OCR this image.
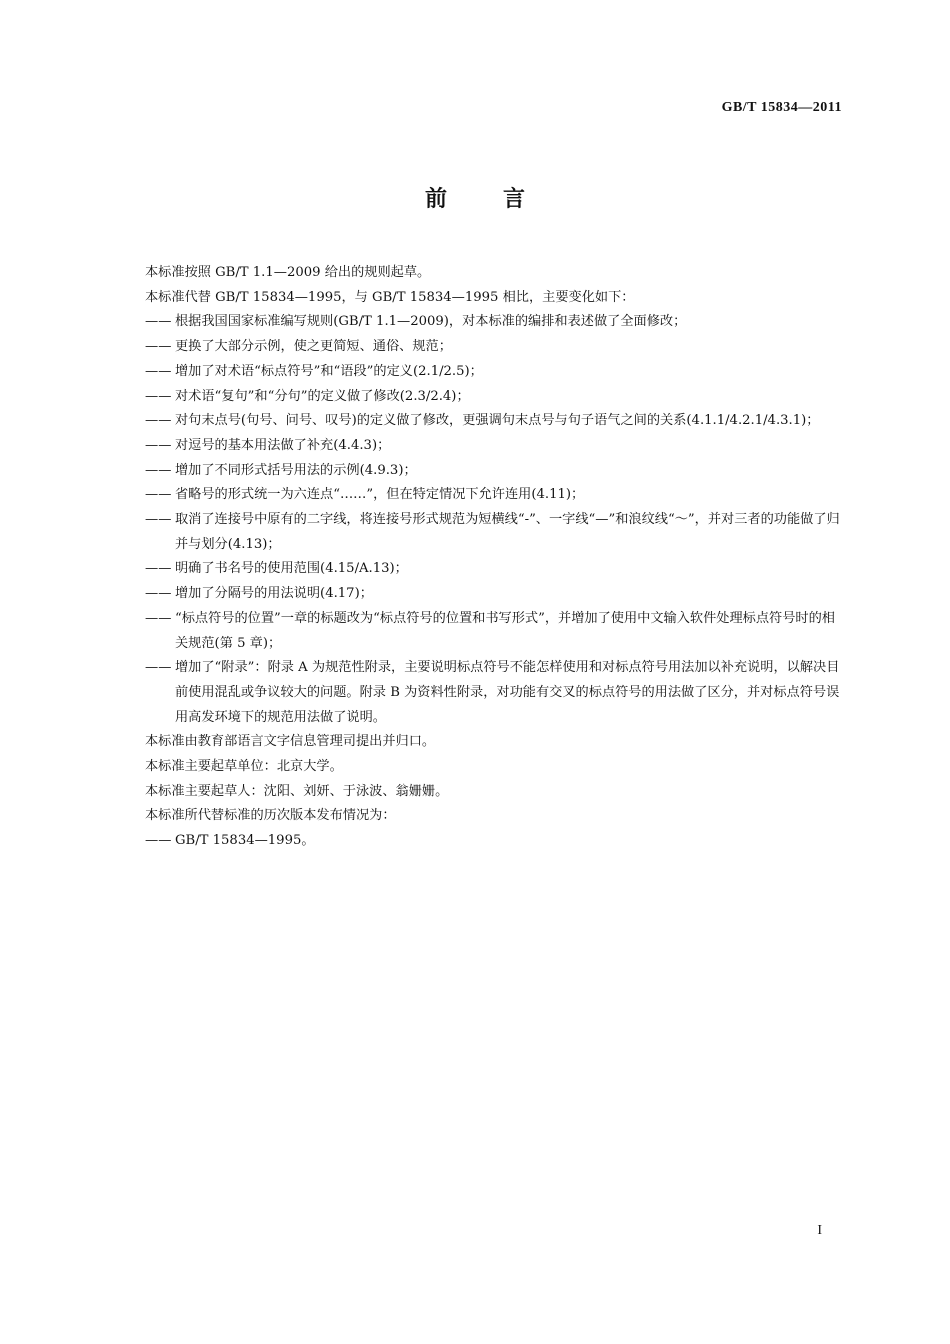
GB/T 15834—2011
前言

本标准按照 GB/T 1.1—2009 给出的规则起草。

本标准代替 GB/T 15834—1995，与 GB/T 15834—1995 相比，主要变化如下：

—— 根据我国国家标准编写规则(GB/T 1.1—2009)，对本标准的编排和表述做了全面修改；

—— 更换了大部分示例，使之更简短、通俗、规范；

—— 增加了对术语“标点符号”和“语段”的定义(2.1/2.5)；

—— 对术语“复句”和“分句”的定义做了修改(2.3/2.4)；

—— 对句末点号(句号、问号、叹号)的定义做了修改，更强调句末点号与句子语气之间的关系(4.1.1/4.2.1/4.3.1)；

—— 对逗号的基本用法做了补充(4.4.3)；

—— 增加了不同形式括号用法的示例(4.9.3)；

—— 省略号的形式统一为六连点“……”，但在特定情况下允许连用(4.11)；

—— 取消了连接号中原有的二字线，将连接号形式规范为短横线“-”、一字线“—”和浪纹线“～”，并对三者的功能做了归并与划分(4.13)；

—— 明确了书名号的使用范围(4.15/A.13)；

—— 增加了分隔号的用法说明(4.17)；

—— “标点符号的位置”一章的标题改为“标点符号的位置和书写形式”，并增加了使用中文输入软件处理标点符号时的相关规范(第 5 章)；

—— 增加了“附录”：附录 A 为规范性附录，主要说明标点符号不能怎样使用和对标点符号用法加以补充说明，以解决目前使用混乱或争议较大的问题。附录 B 为资料性附录，对功能有交叉的标点符号的用法做了区分，并对标点符号误用高发环境下的规范用法做了说明。

本标准由教育部语言文字信息管理司提出并归口。

本标准主要起草单位：北京大学。

本标准主要起草人：沈阳、刘妍、于泳波、翁姗姗。

本标准所代替标准的历次版本发布情况为：

—— GB/T 15834—1995。

I
